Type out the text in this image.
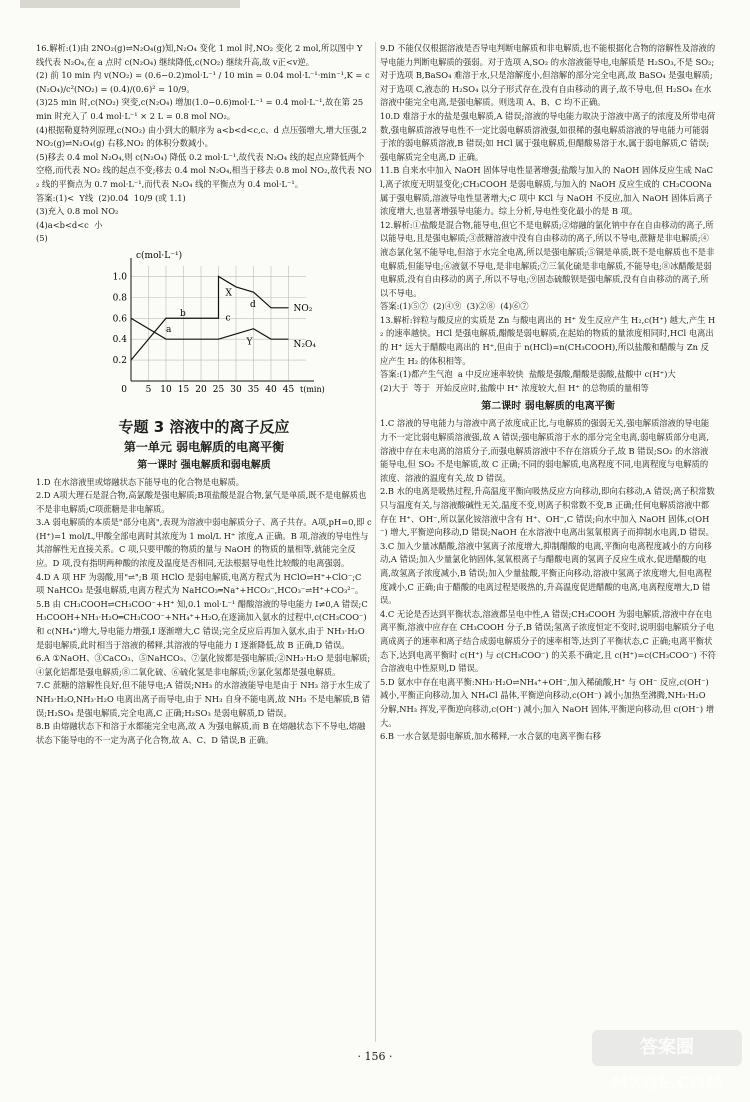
16.解析:(1)由 2NO₂(g)⇌N₂O₄(g)知,N₂O₄ 变化 1 mol 时,NO₂ 变化 2 mol,所以图中 Y 线代表 N₂O₄,在 a 点时 c(N₂O₄) 继续降低,c(NO₂) 继续升高,故 v正<v逆。

(2) 前 10 min 内 v(NO₂) = (0.6−0.2)mol·L⁻¹ / 10 min = 0.04 mol·L⁻¹·min⁻¹,K = c(N₂O₄)/c²(NO₂) = (0.4)/(0.6)² = 10/9。

(3)25 min 时,c(NO₂) 突变,c(N₂O₄) 增加(1.0−0.6)mol·L⁻¹ = 0.4 mol·L⁻¹,故在第 25 min 时充入了 0.4 mol·L⁻¹ × 2 L = 0.8 mol NO₂。

(4)根据勒夏特列原理,c(NO₂) 由小到大的顺序为 a<b<d<c,c、d 点压强增大,增大压强,2NO₂(g)⇌N₂O₄(g) 右移,NO₂ 的体积分数减小。

(5)移去 0.4 mol N₂O₄,则 c(N₂O₄) 降低 0.2 mol·L⁻¹,故代表 N₂O₄ 线的起点应降低两个空格,而代表 NO₂ 线的起点不变;移去 0.4 mol N₂O₄,相当于移去 0.8 mol NO₂,故代表 NO₂ 线的平衡点为 0.7 mol·L⁻¹,而代表 N₂O₄ 线的平衡点为 0.4 mol·L⁻¹。

答案:(1)<  Y线  (2)0.04  10/9 (或 1.1)

(3)充入 0.8 mol NO₂

(4)a<b<d<c  小

(5)

5 10 15 20 25 30 35 40 45
0
0.2
0.4
0.6
0.8
1.0
c(mol·L⁻¹)
t(min)
NO₂
N₂O₄
X
b
d
a
c
Y
专题 3 溶液中的离子反应
第一单元 弱电解质的电离平衡
第一课时 强电解质和弱电解质

1.D 在水溶液里或熔融状态下能导电的化合物是电解质。

2.D A项大理石是混合物,高氯酸是强电解质;B项盐酸是混合物,氯气是单质,既不是电解质也不是非电解质;C项蔗糖是非电解质。

3.A 弱电解质的本质是"部分电离",表现为溶液中弱电解质分子、离子共存。A项,pH=0,即 c(H⁺)=1 mol/L,甲酸全部电离时其浓度为 1 mol/L H⁺ 浓度,A 正确。B 项,溶液的导电性与其溶解性无直接关系。C 项,只要甲酸的物质的量与 NaOH 的物质的量相等,就能完全反应。D 项,没有指明两种酸的浓度及温度是否相同,无法根据导电性比较酸的电离强弱。

4.D A 项 HF 为弱酸,用"⇌";B 项 HClO 是弱电解质,电离方程式为 HClO⇌H⁺+ClO⁻;C 项 NaHCO₃ 是强电解质,电离方程式为 NaHCO₃═Na⁺+HCO₃⁻,HCO₃⁻⇌H⁺+CO₃²⁻。

5.B 由 CH₃COOH⇌CH₃COO⁻+H⁺ 知,0.1 mol·L⁻¹ 醋酸溶液的导电能力 I≠0,A 错误;CH₃COOH+NH₃·H₂O═CH₃COO⁻+NH₄⁺+H₂O,在逐滴加入氨水的过程中,c(CH₃COO⁻)和 c(NH₄⁺)增大,导电能力增强,I 逐渐增大,C 错误;完全反应后再加入氨水,由于 NH₃·H₂O 是弱电解质,此时相当于溶液的稀释,其溶液的导电能力 I 逐渐降低,故 B 正确,D 错误。

6.A ①NaOH、③CaCO₃、⑤NaHCO₃、⑦氯化铵都是强电解质;②NH₃·H₂O 是弱电解质;④氯化铝都是强电解质;⑧二氧化硫、⑥硫化氢是非电解质;⑨氯化氢都是强电解质。

7.C 蔗糖的溶解性良好,但不能导电;A 错误;NH₃ 的水溶液能导电是由于 NH₃ 溶于水生成了 NH₃·H₂O,NH₃·H₂O 电离出离子而导电,由于 NH₃ 自身不能电离,故 NH₃ 不是电解质,B 错误;H₂SO₄ 是强电解质,完全电离,C 正确;H₂SO₃ 是弱电解质,D 错误。

8.B 由熔融状态下和溶于水都能完全电离,故 A 为强电解质,而 B 在熔融状态下不导电,熔融状态下能导电的不一定为离子化合物,故 A、C、D 错误,B 正确。

9.D 不能仅仅根据溶液是否导电判断电解质和非电解质,也不能根据化合物的溶解性及溶液的导电能力判断电解质的强弱。对于选项 A,SO₂ 的水溶液能导电,电解质是 H₂SO₃,不是 SO₂;对于选项 B,BaSO₄ 难溶于水,只是溶解度小,但溶解的部分完全电离,故 BaSO₄ 是强电解质;对于选项 C,液态的 H₂SO₄ 以分子形式存在,没有自由移动的离子,故不导电,但 H₂SO₄ 在水溶液中能完全电离,是强电解质。则选项 A、B、C 均不正确。

10.D 难溶于水的盐是强电解质,A 错误;溶液的导电能力取决于溶液中离子的浓度及所带电荷数,强电解质溶液导电性不一定比弱电解质溶液强,如很稀的强电解质溶液的导电能力可能弱于浓的弱电解质溶液,B 错误;如 HCl 属于强电解质,但醋酸易溶于水,属于弱电解质,C 错误;强电解质完全电离,D 正确。

11.B 自来水中加入 NaOH 固体导电性显著增强;盐酸与加入的 NaOH 固体反应生成 NaCl,离子浓度无明显变化;CH₃COOH 是弱电解质,与加入的 NaOH 反应生成的 CH₃COONa 属于强电解质,溶液导电性显著增大;C 项中 KCl 与 NaOH 不反应,加入 NaOH 固体后离子浓度增大,也显著增强导电能力。综上分析,导电性变化最小的是 B 项。

12.解析:①盐酸是混合物,能导电,但它不是电解质;②熔融的氯化钠中存在自由移动的离子,所以能导电,且是强电解质;③蔗糖溶液中没有自由移动的离子,所以不导电,蔗糖是非电解质;④液态氯化氢不能导电,但溶于水完全电离,所以是强电解质;⑤铜是单质,既不是电解质也不是非电解质,但能导电;⑥液氨不导电,是非电解质;⑦三氧化硫是非电解质,不能导电;⑧冰醋酸是弱电解质,没有自由移动的离子,所以不导电;⑨固态硫酸钡是强电解质,没有自由移动的离子,所以不导电。

答案:(1)⑤⑦  (2)④⑨  (3)②⑧  (4)⑥⑦

13.解析:锌粒与酸反应的实质是 Zn 与酸电离出的 H⁺ 发生反应产生 H₂,c(H⁺) 越大,产生 H₂ 的速率越快。HCl 是强电解质,醋酸是弱电解质,在起始的物质的量浓度相同时,HCl 电离出的 H⁺ 远大于醋酸电离出的 H⁺,但由于 n(HCl)=n(CH₃COOH),所以盐酸和醋酸与 Zn 反应产生 H₂ 的体积相等。

答案:(1)都产生气泡  a 中反应速率较快  盐酸是强酸,醋酸是弱酸,盐酸中 c(H⁺)大

(2)大于  等于  开始反应时,盐酸中 H⁺ 浓度较大,但 H⁺ 的总物质的量相等

第二课时 弱电解质的电离平衡

1.C 溶液的导电能力与溶液中离子浓度成正比,与电解质的强弱无关,强电解质溶液的导电能力不一定比弱电解质溶液强,故 A 错误;强电解质溶于水的部分完全电离,弱电解质部分电离,溶液中存在未电离的溶质分子,而强电解质溶液中不存在溶质分子,故 B 错误;SO₂ 的水溶液能导电,但 SO₂ 不是电解质,故 C 正确;不同的弱电解质,电离程度不同,电离程度与电解质的浓度、溶液的温度有关,故 D 错误。

2.B 水的电离是吸热过程,升高温度平衡向吸热反应方向移动,即向右移动,A 错误;离子积常数只与温度有关,与溶液酸碱性无关,温度不变,则离子积常数不变,B 正确;任何电解质溶液中都存在 H⁺、OH⁻,所以氯化铵溶液中含有 H⁺、OH⁻,C 错误;向水中加入 NaOH 固体,c(OH⁻) 增大,平衡逆向移动,D 错误;NaOH 在水溶液中电离出氢氧根离子而抑制水电离,D 错误。

3.C 加入少量冰醋酸,溶液中氢离子浓度增大,抑制醋酸的电离,平衡向电离程度减小的方向移动,A 错误;加入少量氯化钠固体,氢氧根离子与醋酸电离的氢离子反应生成水,促进醋酸的电离,故氢离子浓度减小,B 错误;加入少量盐酸,平衡正向移动,溶液中氢离子浓度增大,但电离程度减小,C 正确;由于醋酸的电离过程是吸热的,升高温度促进醋酸的电离,电离程度增大,D 错误。

4.C 无论是否达到平衡状态,溶液都呈电中性,A 错误;CH₃COOH 为弱电解质,溶液中存在电离平衡,溶液中应存在 CH₃COOH 分子,B 错误;氢离子浓度恒定不变时,说明弱电解质分子电离成离子的速率和离子结合成弱电解质分子的速率相等,达到了平衡状态,C 正确;电离平衡状态下,达到电离平衡时 c(H⁺) 与 c(CH₃COO⁻) 的关系不确定,且 c(H⁺)=c(CH₃COO⁻) 不符合溶液电中性原则,D 错误。

5.D 氨水中存在电离平衡:NH₃·H₂O⇌NH₄⁺+OH⁻,加入稀硫酸,H⁺ 与 OH⁻ 反应,c(OH⁻) 减小,平衡正向移动,加入 NH₄Cl 晶体,平衡逆向移动,c(OH⁻) 减小;加热至沸腾,NH₃·H₂O 分解,NH₃ 挥发,平衡逆向移动,c(OH⁻) 减小;加入 NaOH 固体,平衡逆向移动,但 c(OH⁻) 增大。

6.B 一水合氨是弱电解质,加水稀释,一水合氨的电离平衡右移

· 156 ·	答案圈 MXQE.COM
